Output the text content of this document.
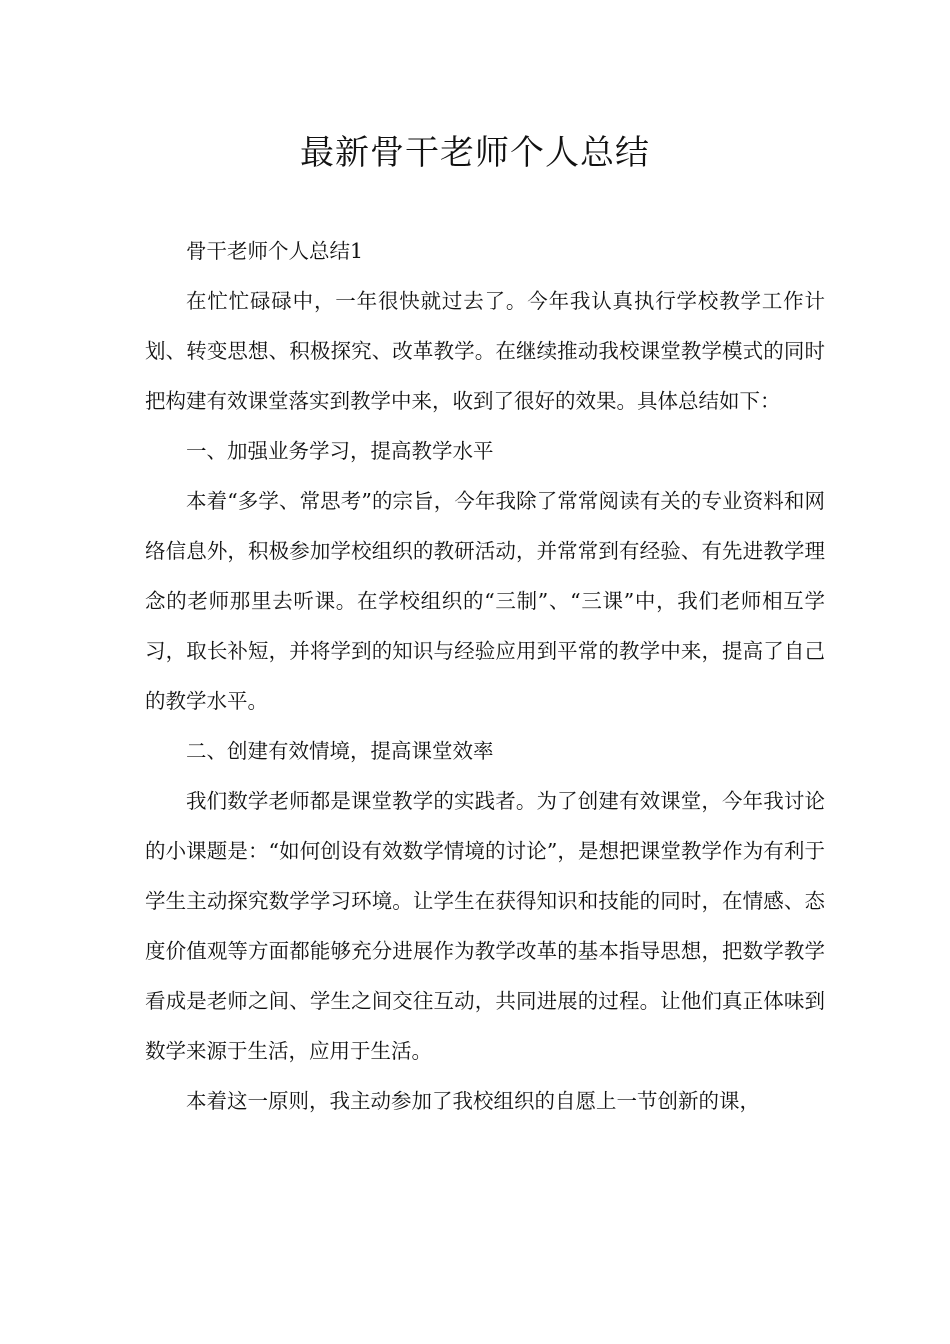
最新骨干老师个人总结

骨干老师个人总结1

在忙忙碌碌中，一年很快就过去了。今年我认真执行学校教学工作计划、转变思想、积极探究、改革教学。在继续推动我校课堂教学模式的同时把构建有效课堂落实到教学中来，收到了很好的效果。具体总结如下：

一、加强业务学习，提高教学水平

本着“多学、常思考”的宗旨，今年我除了常常阅读有关的专业资料和网络信息外，积极参加学校组织的教研活动，并常常到有经验、有先进教学理念的老师那里去听课。在学校组织的“三制”、“三课”中，我们老师相互学习，取长补短，并将学到的知识与经验应用到平常的教学中来，提高了自己的教学水平。

二、创建有效情境，提高课堂效率

我们数学老师都是课堂教学的实践者。为了创建有效课堂，今年我讨论的小课题是：“如何创设有效数学情境的讨论”，是想把课堂教学作为有利于学生主动探究数学学习环境。让学生在获得知识和技能的同时，在情感、态度价值观等方面都能够充分进展作为教学改革的基本指导思想，把数学教学看成是老师之间、学生之间交往互动，共同进展的过程。让他们真正体味到数学来源于生活，应用于生活。

本着这一原则，我主动参加了我校组织的自愿上一节创新的课，
